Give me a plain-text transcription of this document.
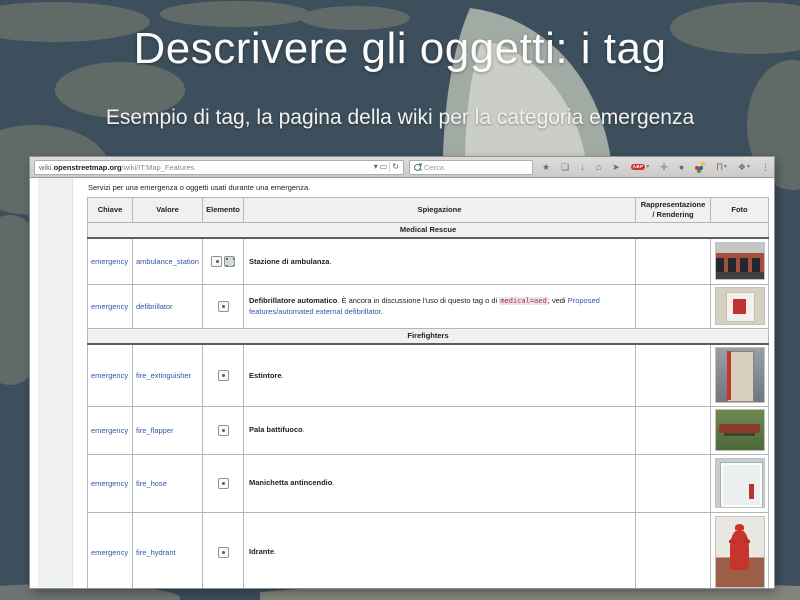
Descrivere gli oggetti: i tag
Esempio di tag, la pagina della wiki per la categoria emergenza
wiki.openstreetmap.org/wiki/IT:Map_Features	▾ ▭ ↻	Cerca	★ ❏ ↓ ⌂ ➤	ABP ▾ ✛ ●	Π ▾ ❖ ▾ ⋮

Servizi per una emergenza o oggetti usati durante una emergenza.

Chiave	Valore	Elemento	Spiegazione	Rappresentazione / Rendering	Foto
Medical Rescue					
emergency	ambulance_station		Stazione di ambulanza.		

emergency	defibrillator		Defibrillatore automatico. È ancora in discussione l'uso di questo tag o di medical=aed; vedi Proposed features/automated external defibrillator.		

Firefighters					
emergency	fire_extinguisher		Estintore.		

emergency	fire_flapper		Pala battifuoco.		

emergency	fire_hose		Manichetta antincendio.		

emergency	fire_hydrant		Idrante.		
